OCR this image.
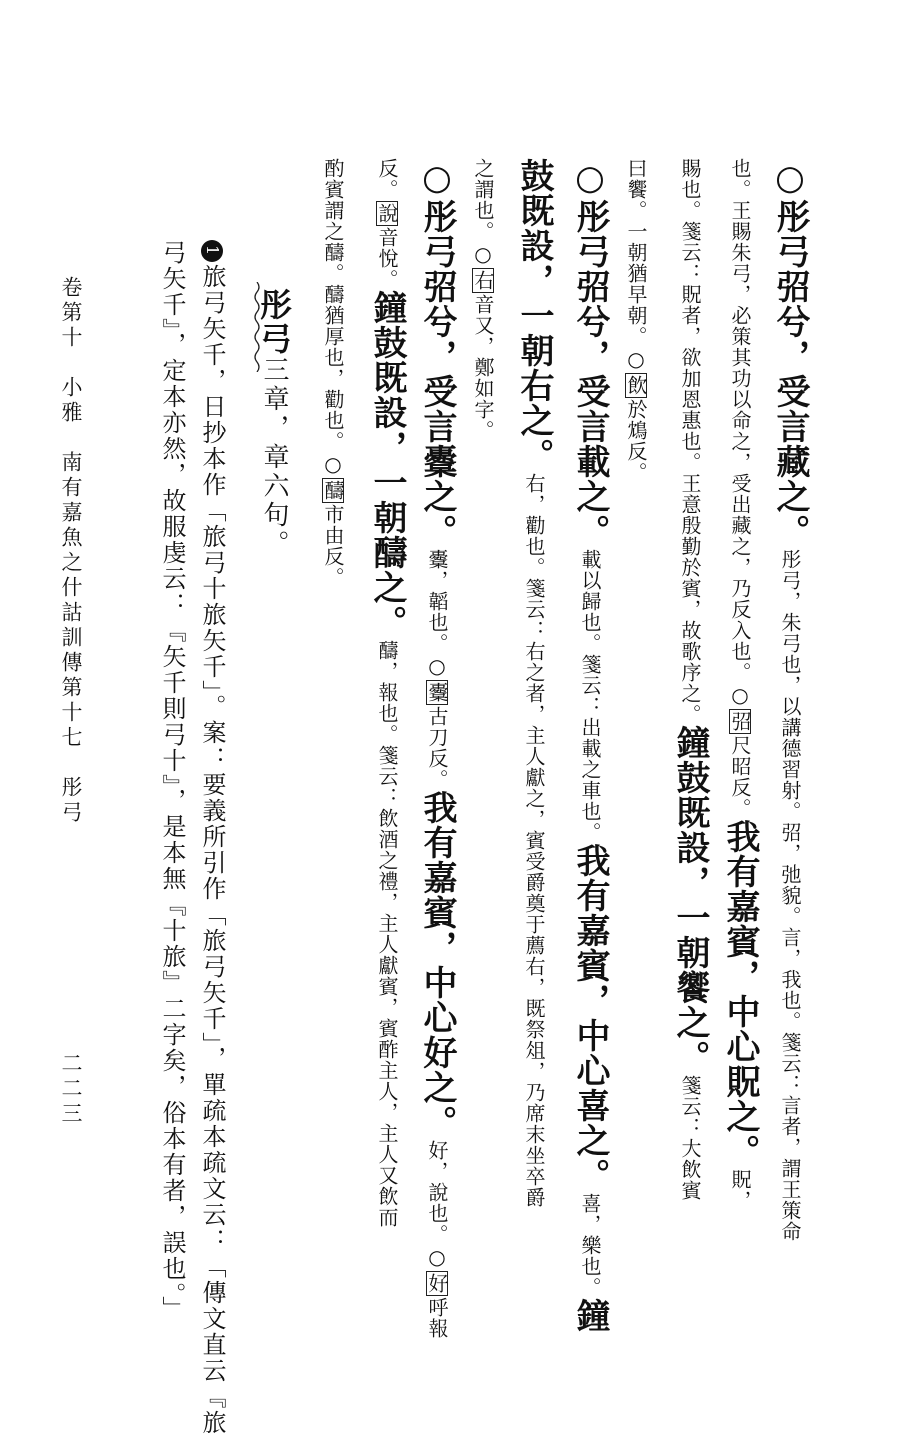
○彤弓弨兮，受言藏之。彤弓，朱弓也，以講德習射。弨，弛貌。言，我也。箋云：言者，謂王策命
也。王賜朱弓，必策其功以命之，受出藏之，乃反入也。○弨尺昭反。我有嘉賓，中心貺之。貺，
賜也。箋云：貺者，欲加恩惠也。王意殷勤於賓，故歌序之。鐘鼓既設，一朝饗之。箋云：大飲賓
曰饗。一朝猶早朝。○飲於鴆反。
○彤弓弨兮，受言載之。載以歸也。箋云：出載之車也。我有嘉賓，中心喜之。喜，樂也。鐘
鼓既設，一朝右之。右，勸也。箋云：右之者，主人獻之，賓受爵奠于薦右，既祭俎，乃席末坐卒爵
之謂也。○右音又，鄭如字。
○彤弓弨兮，受言櫜之。櫜，韜也。○櫜古刀反。我有嘉賓，中心好之。好，說也。○好呼報
反。說音悅。鐘鼓既設，一朝醻之。醻，報也。箋云：飲酒之禮，主人獻賓，賓酢主人，主人又飲而
酌賓謂之醻。醻猶厚也，勸也。○醻市由反。
彤弓三章，章六句。
1旅弓矢千，日抄本作「旅弓十旅矢千」。案：要義所引作「旅弓矢千」，單疏本疏文云：「傳文直云『旅
弓矢千』，定本亦然，故服虔云：『矢千則弓十』，是本無『十旅』二字矣，俗本有者，誤也。」
卷第十　小雅　南有嘉魚之什詁訓傳第十七　彤弓
二二三
